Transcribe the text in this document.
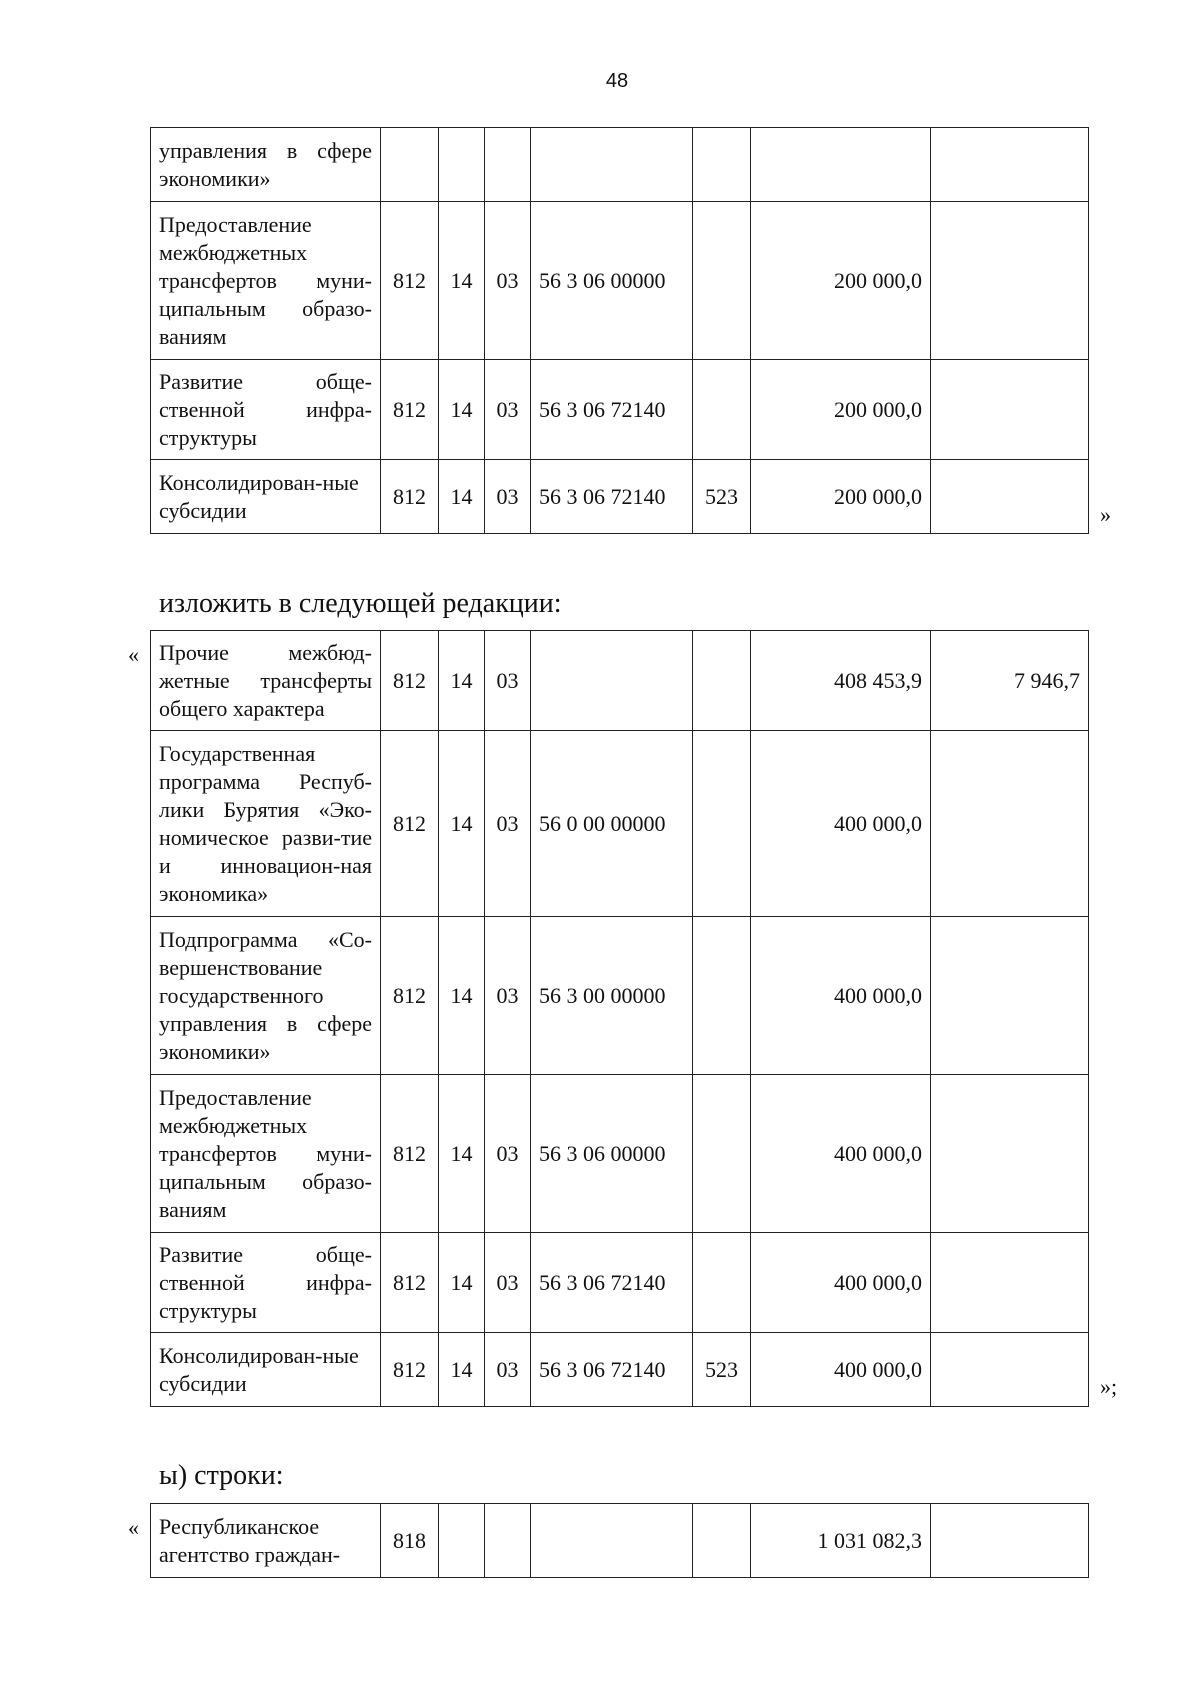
48
управления в сфере экономики»							
Предоставление межбюджетных трансфертов муни-ципальным образо-ваниям	812	14	03	56 3 06 00000		200 000,0	
Развитие обще-ственной инфра-структуры	812	14	03	56 3 06 72140		200 000,0	
Консолидирован-ные субсидии	812	14	03	56 3 06 72140	523	200 000,0	
»
изложить в следующей редакции:
« Прочие межбюд-жетные трансферты общего характера	812	14	03			408 453,9	7 946,7
Государственная программа Респуб-лики Бурятия «Эко-номическое разви-тие и инновацион-ная экономика»	812	14	03	56 0 00 00000		400 000,0	
Подпрограмма «Со-вершенствование государственного управления в сфере экономики»	812	14	03	56 3 00 00000		400 000,0	
Предоставление межбюджетных трансфертов муни-ципальным образо-ваниям	812	14	03	56 3 06 00000		400 000,0	
Развитие обще-ственной инфра-структуры	812	14	03	56 3 06 72140		400 000,0	
Консолидирован-ные субсидии	812	14	03	56 3 06 72140	523	400 000,0	
»;
ы) строки:
« Республиканское агентство граждан-	818					1 031 082,3	
